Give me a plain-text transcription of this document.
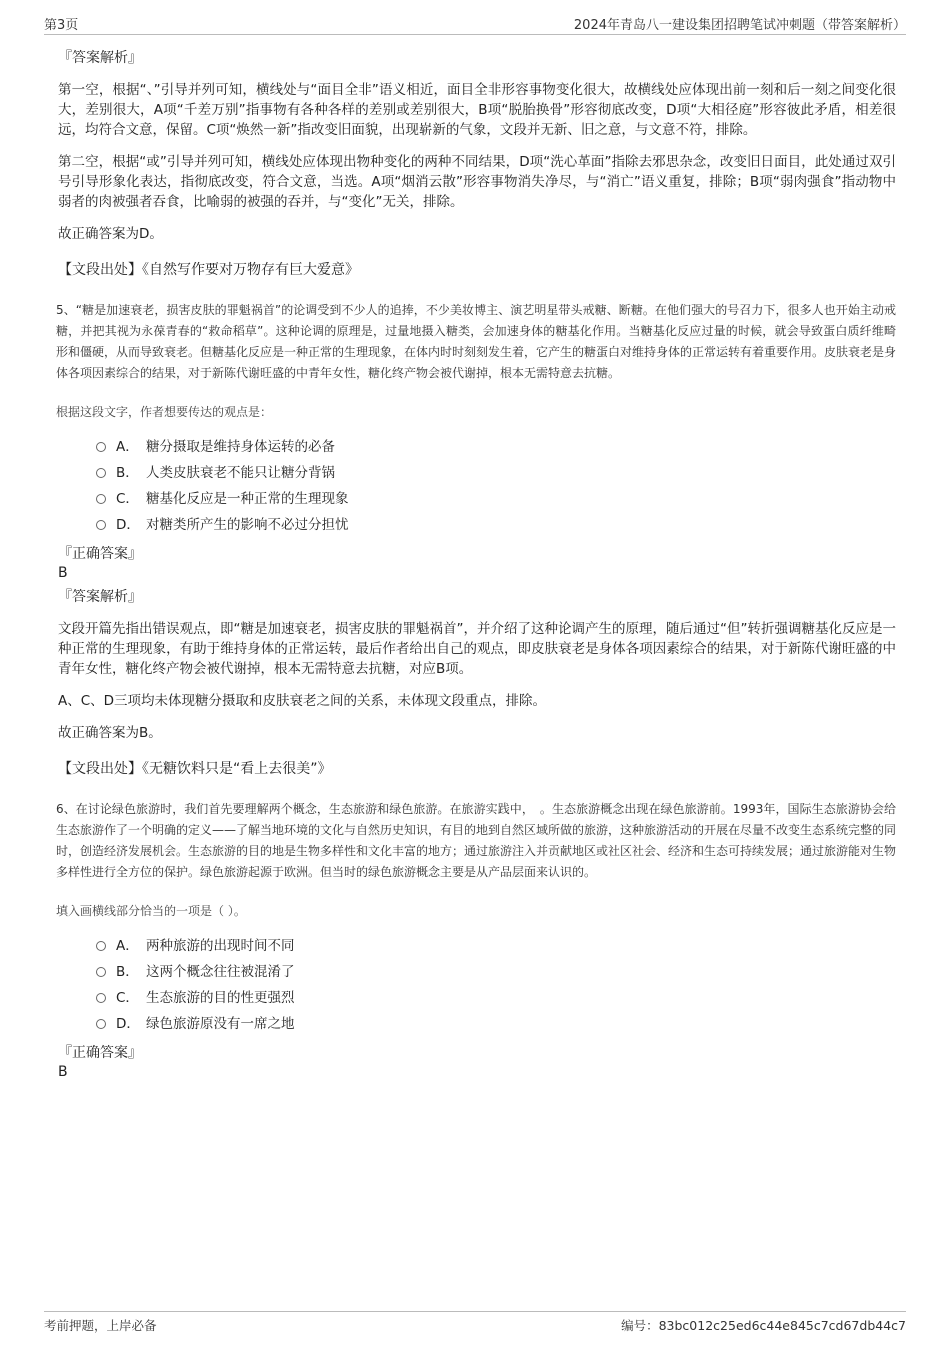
第3页	2024年青岛八一建设集团招聘笔试冲刺题（带答案解析）
『答案解析』
第一空，根据“、”引导并列可知，横线处与“面目全非”语义相近，面目全非形容事物变化很大，故横线处应体现出前一刻和后一刻之间变化很大，差别很大，A项“千差万别”指事物有各种各样的差别或差别很大，B项“脱胎换骨”形容彻底改变，D项“大相径庭”形容彼此矛盾，相差很远，均符合文意，保留。C项“焕然一新”指改变旧面貌，出现崭新的气象，文段并无新、旧之意，与文意不符，排除。
第二空，根据“或”引导并列可知，横线处应体现出物种变化的两种不同结果，D项“洗心革面”指除去邪思杂念，改变旧日面目，此处通过双引号引导形象化表达，指彻底改变，符合文意，当选。A项“烟消云散”形容事物消失净尽，与“消亡”语义重复，排除；B项“弱肉强食”指动物中弱者的肉被强者吞食，比喻弱的被强的吞并，与“变化”无关，排除。
故正确答案为D。
【文段出处】《自然写作要对万物存有巨大爱意》
5、“糖是加速衰老，损害皮肤的罪魁祸首”的论调受到不少人的追捧，不少美妆博主、演艺明星带头戒糖、断糖。在他们强大的号召力下，很多人也开始主动戒糖，并把其视为永葆青春的“救命稻草”。这种论调的原理是，过量地摄入糖类，会加速身体的糖基化作用。当糖基化反应过量的时候，就会导致蛋白质纤维畸形和僵硬，从而导致衰老。但糖基化反应是一种正常的生理现象，在体内时时刻刻发生着，它产生的糖蛋白对维持身体的正常运转有着重要作用。皮肤衰老是身体各项因素综合的结果，对于新陈代谢旺盛的中青年女性，糖化终产物会被代谢掉，根本无需特意去抗糖。
根据这段文字，作者想要传达的观点是：
A． 糖分摄取是维持身体运转的必备
B． 人类皮肤衰老不能只让糖分背锅
C． 糖基化反应是一种正常的生理现象
D． 对糖类所产生的影响不必过分担忧
『正确答案』
B
『答案解析』
文段开篇先指出错误观点，即“糖是加速衰老，损害皮肤的罪魁祸首”，并介绍了这种论调产生的原理，随后通过“但”转折强调糖基化反应是一种正常的生理现象，有助于维持身体的正常运转，最后作者给出自己的观点，即皮肤衰老是身体各项因素综合的结果，对于新陈代谢旺盛的中青年女性，糖化终产物会被代谢掉，根本无需特意去抗糖，对应B项。
A、C、D三项均未体现糖分摄取和皮肤衰老之间的关系，未体现文段重点，排除。
故正确答案为B。
【文段出处】《无糖饮料只是“看上去很美”》
6、在讨论绿色旅游时，我们首先要理解两个概念，生态旅游和绿色旅游。在旅游实践中，　。生态旅游概念出现在绿色旅游前。1993年，国际生态旅游协会给生态旅游作了一个明确的定义——了解当地环境的文化与自然历史知识，有目的地到自然区域所做的旅游，这种旅游活动的开展在尽量不改变生态系统完整的同时，创造经济发展机会。生态旅游的目的地是生物多样性和文化丰富的地方；通过旅游注入并贡献地区或社区社会、经济和生态可持续发展；通过旅游能对生物多样性进行全方位的保护。绿色旅游起源于欧洲。但当时的绿色旅游概念主要是从产品层面来认识的。
填入画横线部分恰当的一项是（ ）。
A． 两种旅游的出现时间不同
B． 这两个概念往往被混淆了
C． 生态旅游的目的性更强烈
D． 绿色旅游原没有一席之地
『正确答案』
B
考前押题，上岸必备	编号：83bc012c25ed6c44e845c7cd67db44c7
